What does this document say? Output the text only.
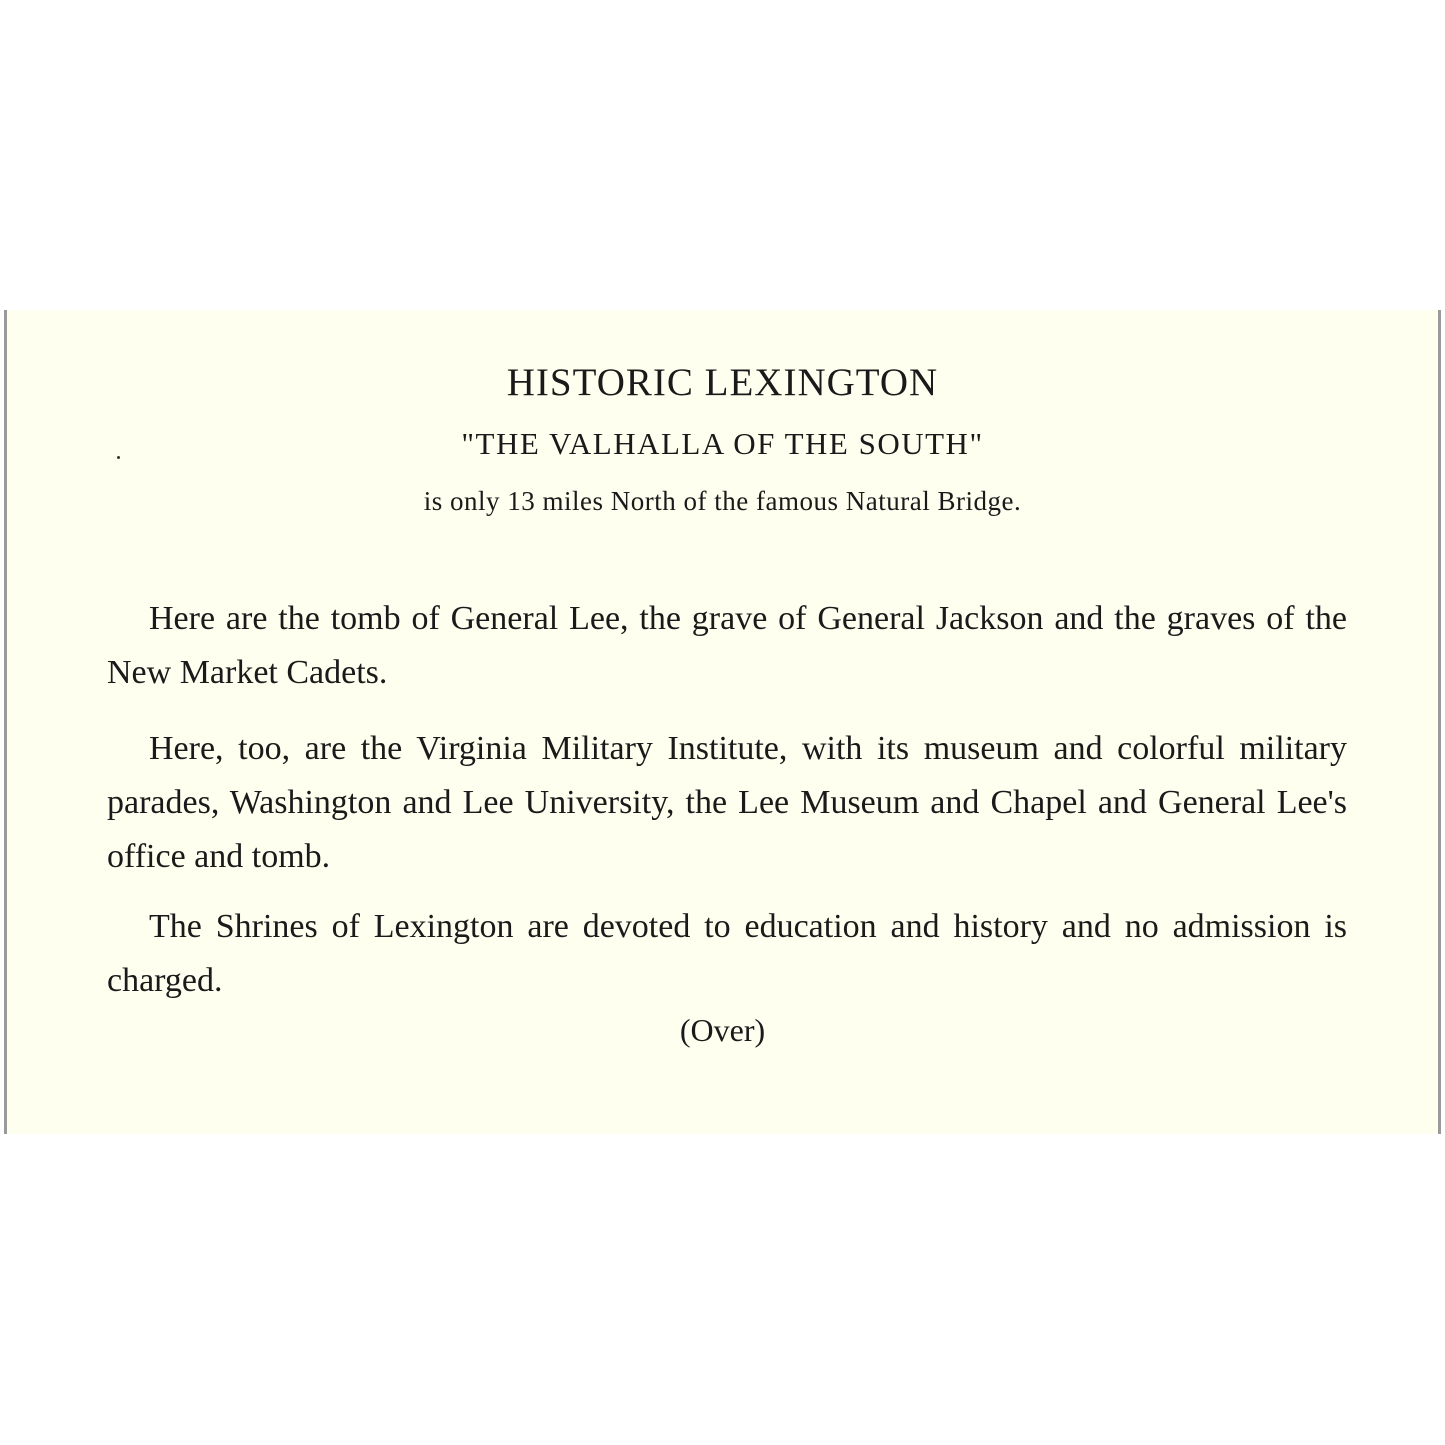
HISTORIC LEXINGTON
"THE VALHALLA OF THE SOUTH"
is only 13 miles North of the famous Natural Bridge.

Here are the tomb of General Lee, the grave of General Jackson and the graves of the New Market Cadets.

Here, too, are the Virginia Military Institute, with its museum and colorful military parades, Washington and Lee University, the Lee Museum and Chapel and General Lee's office and tomb.

The Shrines of Lexington are devoted to education and history and no admission is charged.

(Over)
